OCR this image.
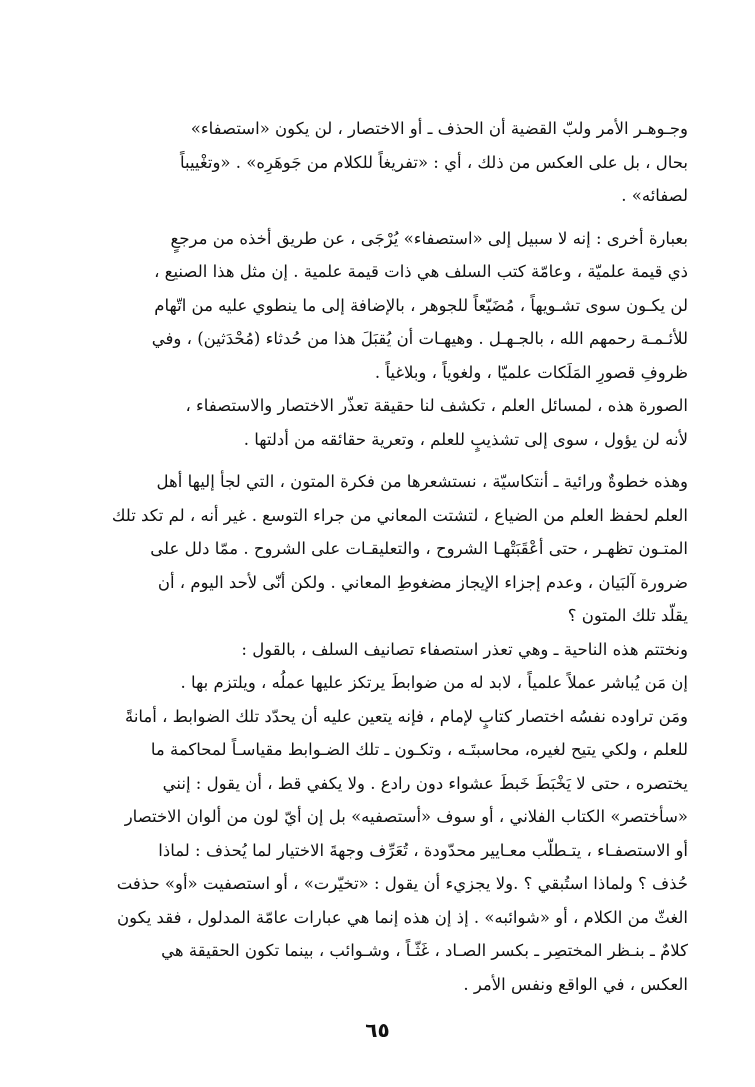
وجـوهـر الأمر ولبّ القضية أن الحذف ـ أو الاختصار ، لن يكون «استصفاء»
بحال ، بل على العكس من ذلك ، أي : «تفريغاً للكلام من جَوهَرِه» . «وتغْييباً
لصفائه» .

بعبارة أخرى : إنه لا سبيل إلى «استصفاء» يُرْجَى ، عن طريق أخذه من مرجعٍ
ذي قيمة علميّة ، وعامّة كتب السلف هي ذات قيمة علمية . إن مثل هذا الصنيع ،
لن يكـون سوى تشـويهاً ، مُضَيّعاً للجوهر ، بالإضافة إلى ما ينطوي عليه من اتّهام
للأئـمـة رحمهم الله ، بالجـهـل . وهيهـات أن يُقبَلَ هذا من حُدثاء (مُحْدَثين) ، وفي
ظروفِ قصورِ المَلَكات علميّا ، ولغوياً ، وبلاغياً .

الصورة هذه ، لمسائل العلم ، تكشف لنا حقيقة تعذّر الاختصار والاستصفاء ،
لأنه لن يؤول ، سوى إلى تشذيبٍ للعلم ، وتعرية حقائقه من أدلتها .

وهذه خطوةٌ ورائية ـ أنتكاسيّة ، نستشعرها من فكرة المتون ، التي لجأ إليها أهل
العلم لحفظ العلم من الضياع ، لتشتت المعاني من جراء التوسع . غير أنه ، لم تكد تلك
المتـون تظهـر ، حتى أعْقَبَتْهـا الشروح ، والتعليقـات على الشروح . ممّا دلل على
ضرورة آلبَيان ، وعدم إجزاء الإيجاز مضغوطِ المعاني . ولكن أنّى لأحد اليوم ، أن
يقلّد تلك المتون ؟

ونختتم هذه الناحية ـ وهي تعذر استصفاء تصانيف السلف ، بالقول :

إن مَن يُباشر عملاً علمياً ، لابد له من ضوابطَ يرتكز عليها عملُه ، ويلتزم بها .
ومَن تراوده نفسُه اختصار كتابٍ لإمام ، فإنه يتعين عليه أن يحدّد تلك الضوابط ، أمانةً
للعلم ، ولكي يتيح لغيره، محاسبتَـه ، وتكـون ـ تلك الضـوابط مقياسـاً لمحاكمة ما
يختصره ، حتى لا يَخْبَطَ خَبطَ عشواء دون رادع . ولا يكفي قط ، أن يقول : إنني
«سأختصر» الكتاب الفلاني ، أو سوف «أستصفيه» بل إن أيّ لون من ألوان الاختصار
أو الاستصفـاء ، يتـطلّب معـايير محدّودة ، تُعَرِّف وجهةَ الاختيار لما يُحذف : لماذا
حُذف ؟ ولماذا استُبقي ؟ .ولا يجزيء أن يقول : «تخيّرت» ، أو استصفيت «أو» حذفت
الغثّ من الكلام ، أو «شوائبه» . إذ إن هذه إنما هي عبارات عامّة المدلول ، فقد يكون
كلامٌ ـ بنـظر المختصِر ـ بكسر الصـاد ، غَثّـاً ، وشـوائب ، بينما تكون الحقيقة هي
العكس ، في الواقع ونفس الأمر .

٦٥
